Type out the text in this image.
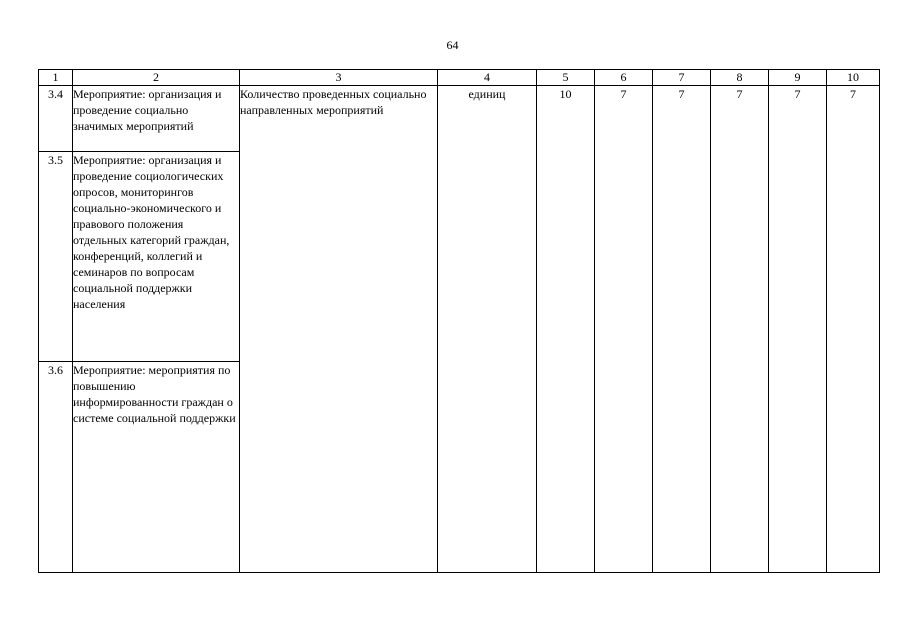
64
1	2	3	4	5	6	7	8	9	10
3.4	Мероприятие: организация и проведение социально значимых мероприятий	Количество проведенных социально направленных мероприятий	единиц	10	7	7	7	7	7
3.5	Мероприятие: организация и проведение социологических опросов, мониторингов социально-экономического и правового положения отдельных категорий граждан, конференций, коллегий и семинаров по вопросам социальной поддержки населения								
3.6	Мероприятие: мероприятия по повышению информированности граждан о системе социальной поддержки								
